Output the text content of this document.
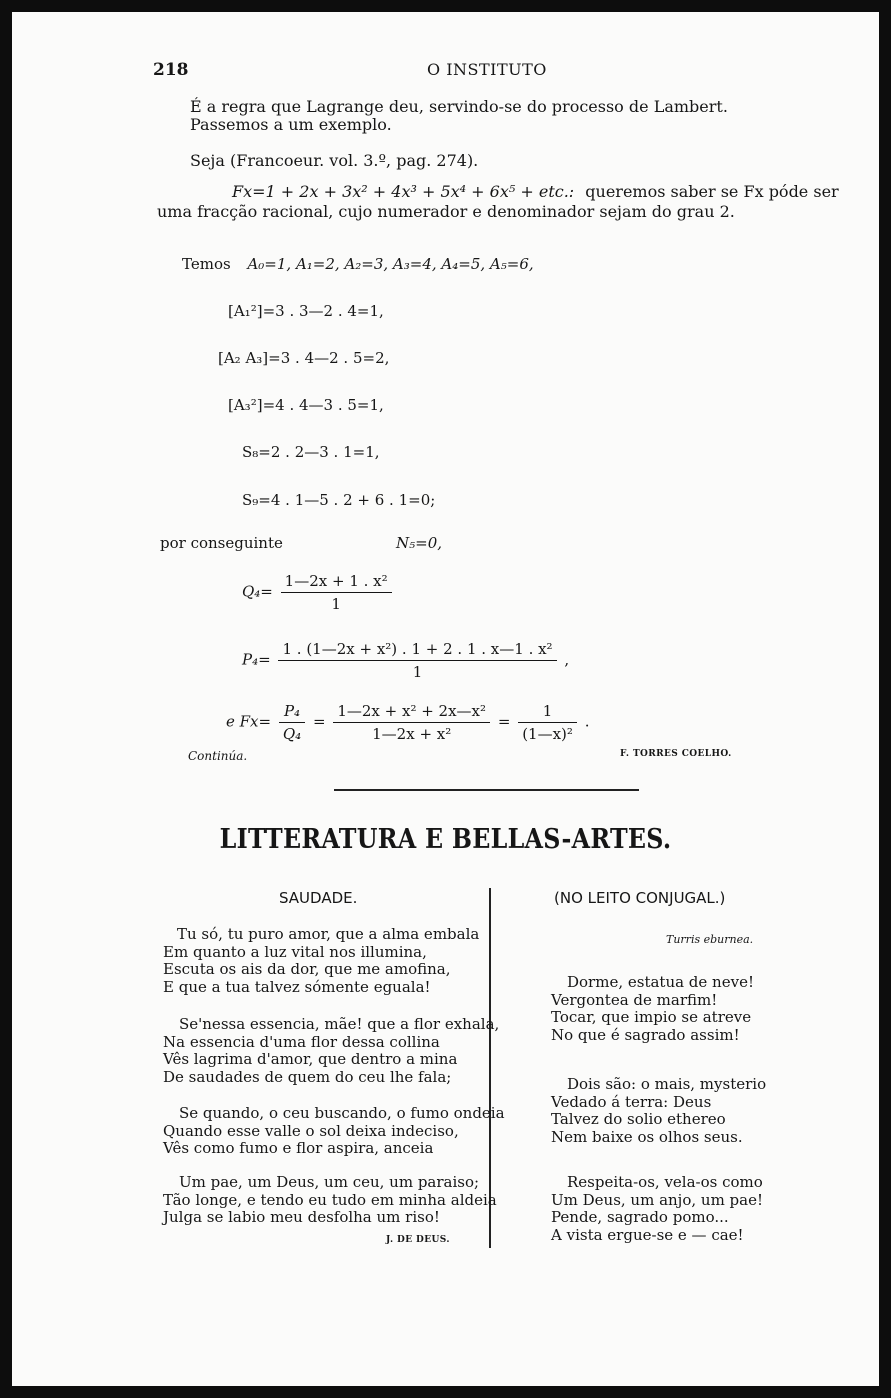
218	O INSTITUTO
É a regra que Lagrange deu, servindo-se do processo de Lambert.
Passemos a um exemplo.
Seja (Francoeur. vol. 3.º, pag. 274).
Fx=1 + 2x + 3x² + 4x³ + 5x⁴ + 6x⁵ + etc.: queremos saber se Fx póde ser
uma fracção racional, cujo numerador e denominador sejam do grau 2.
Temos A₀=1, A₁=2, A₂=3, A₃=4, A₄=5, A₅=6,
[A₁²]=3 . 3—2 . 4=1,
[A₂ A₃]=3 . 4—2 . 5=2,
[A₃²]=4 . 4—3 . 5=1,
S₈=2 . 2—3 . 1=1,
S₉=4 . 1—5 . 2 + 6 . 1=0;
por conseguinte	N₅=0,
$Q_4= \frac{\text{1—2x + 1 . x²}}{1}$
$P_4= \frac{\text{1 . (1—2x + x²) . 1 + 2 . 1 . x—1 . x²}}{1}$ ,
e $Fx= \frac{\text{P₄}}{\text{Q₄}} = \frac{\text{1—2x + x² + 2x—x²}}{\text{1—2x + x²}} = \frac{1}{\text{(1—x)²}}$ .
Continúa.	F. TORRES COELHO.
LITTERATURA E BELLAS-ARTES.
SAUDADE.
Tu só, tu puro amor, que a alma embala
Em quanto a luz vital nos illumina,
Escuta os ais da dor, que me amofina,
E que a tua talvez sómente eguala!
Se'nessa essencia, mãe! que a flor exhala,
Na essencia d'uma flor dessa collina
Vês lagrima d'amor, que dentro a mina
De saudades de quem do ceu lhe fala;
Se quando, o ceu buscando, o fumo ondeia
Quando esse valle o sol deixa indeciso,
Vês como fumo e flor aspira, anceia
Um pae, um Deus, um ceu, um paraiso;
Tão longe, e tendo eu tudo em minha aldeia
Julga se labio meu desfolha um riso!
J. DE DEUS.
(NO LEITO CONJUGAL.)
Turris eburnea.
Dorme, estatua de neve!
Vergontea de marfim!
Tocar, que impio se atreve
No que é sagrado assim!
Dois são: o mais, mysterio
Vedado á terra: Deus
Talvez do solio ethereo
Nem baixe os olhos seus.
Respeita-os, vela-os como
Um Deus, um anjo, um pae!
Pende, sagrado pomo...
A vista ergue-se e — cae!
